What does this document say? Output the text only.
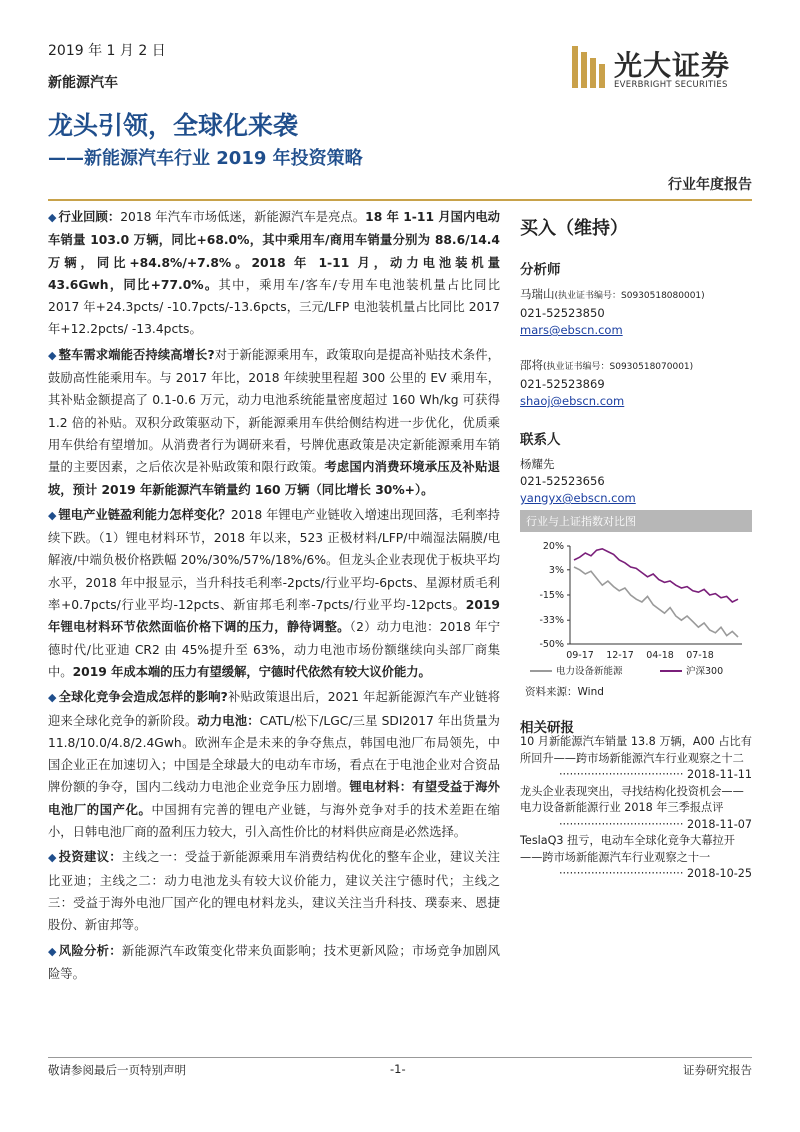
2019 年 1 月 2 日
新能源汽车
光大证券
EVERBRIGHT SECURITIES
龙头引领，全球化来袭
——新能源汽车行业 2019 年投资策略
行业年度报告

◆ 行业回顾：2018 年汽车市场低迷，新能源汽车是亮点。18 年 1-11 月国内电动车销量 103.0 万辆，同比+68.0%，其中乘用车/商用车销量分别为 88.6/14.4 万辆，同比+84.8%/+7.8%。2018 年 1-11 月，动力电池装机量 43.6Gwh，同比+77.0%。其中，乘用车/客车/专用车电池装机量占比同比 2017 年+24.3pcts/ -10.7pcts/-13.6pcts，三元/LFP 电池装机量占比同比 2017 年+12.2pcts/ -13.4pcts。

◆ 整车需求端能否持续高增长?对于新能源乘用车，政策取向是提高补贴技术条件，鼓励高性能乘用车。与 2017 年比，2018 年续驶里程超 300 公里的 EV 乘用车，其补贴金额提高了 0.1-0.6 万元，动力电池系统能量密度超过 160 Wh/kg 可获得 1.2 倍的补贴。双积分政策驱动下，新能源乘用车供给侧结构进一步优化，优质乘用车供给有望增加。从消费者行为调研来看，号牌优惠政策是决定新能源乘用车销量的主要因素，之后依次是补贴政策和限行政策。考虑国内消费环境承压及补贴退坡，预计 2019 年新能源汽车销量约 160 万辆（同比增长 30%+）。

◆ 锂电产业链盈利能力怎样变化？2018 年锂电产业链收入增速出现回落，毛利率持续下跌。（1）锂电材料环节，2018 年以来，523 正极材料/LFP/中端湿法隔膜/电解液/中端负极价格跌幅 20%/30%/57%/18%/6%。但龙头企业表现优于板块平均水平，2018 年中报显示，当升科技毛利率-2pcts/行业平均-6pcts、星源材质毛利率+0.7pcts/行业平均-12pcts、新宙邦毛利率-7pcts/行业平均-12pcts。2019 年锂电材料环节依然面临价格下调的压力，静待调整。（2）动力电池：2018 年宁德时代/比亚迪 CR2 由 45%提升至 63%，动力电池市场份额继续向头部厂商集中。2019 年成本端的压力有望缓解，宁德时代依然有较大议价能力。

◆ 全球化竞争会造成怎样的影响?补贴政策退出后，2021 年起新能源汽车产业链将迎来全球化竞争的新阶段。动力电池：CATL/松下/LGC/三星 SDI2017 年出货量为 11.8/10.0/4.8/2.4Gwh。欧洲车企是未来的争夺焦点，韩国电池厂布局领先，中国企业正在加速切入；中国是全球最大的电动车市场，看点在于电池企业对合资品牌份额的争夺，国内二线动力电池企业竞争压力剧增。锂电材料：有望受益于海外电池厂的国产化。中国拥有完善的锂电产业链，与海外竞争对手的技术差距在缩小，日韩电池厂商的盈利压力较大，引入高性价比的材料供应商是必然选择。

◆ 投资建议：主线之一：受益于新能源乘用车消费结构优化的整车企业，建议关注比亚迪；主线之二：动力电池龙头有较大议价能力，建议关注宁德时代；主线之三：受益于海外电池厂国产化的锂电材料龙头，建议关注当升科技、璞泰来、恩捷股份、新宙邦等。

◆ 风险分析：新能源汽车政策变化带来负面影响；技术更新风险；市场竞争加剧风险等。

买入（维持）
分析师
马瑞山(执业证书编号：S0930518080001)
021-52523850
mars@ebscn.com
邵将(执业证书编号：S0930518070001)
021-52523869
shaoj@ebscn.com
联系人
杨耀先
021-52523656
yangyx@ebscn.com
行业与上证指数对比图
20%
3%
-15%
-33%
-50%
09-17 12-17 04-18 07-18
电力设备新能源	沪深300
资料来源：Wind
相关研报
10 月新能源汽车销量 13.8 万辆，A00 占比有所回升——跨市场新能源汽车行业观察之十二
··································· 2018-11-11
龙头企业表现突出，寻找结构化投资机会——电力设备新能源行业 2018 年三季报点评
··································· 2018-11-07
TeslaQ3 扭亏，电动车全球化竞争大幕拉开——跨市场新能源汽车行业观察之十一
··································· 2018-10-25
敬请参阅最后一页特别声明	-1-	证券研究报告
